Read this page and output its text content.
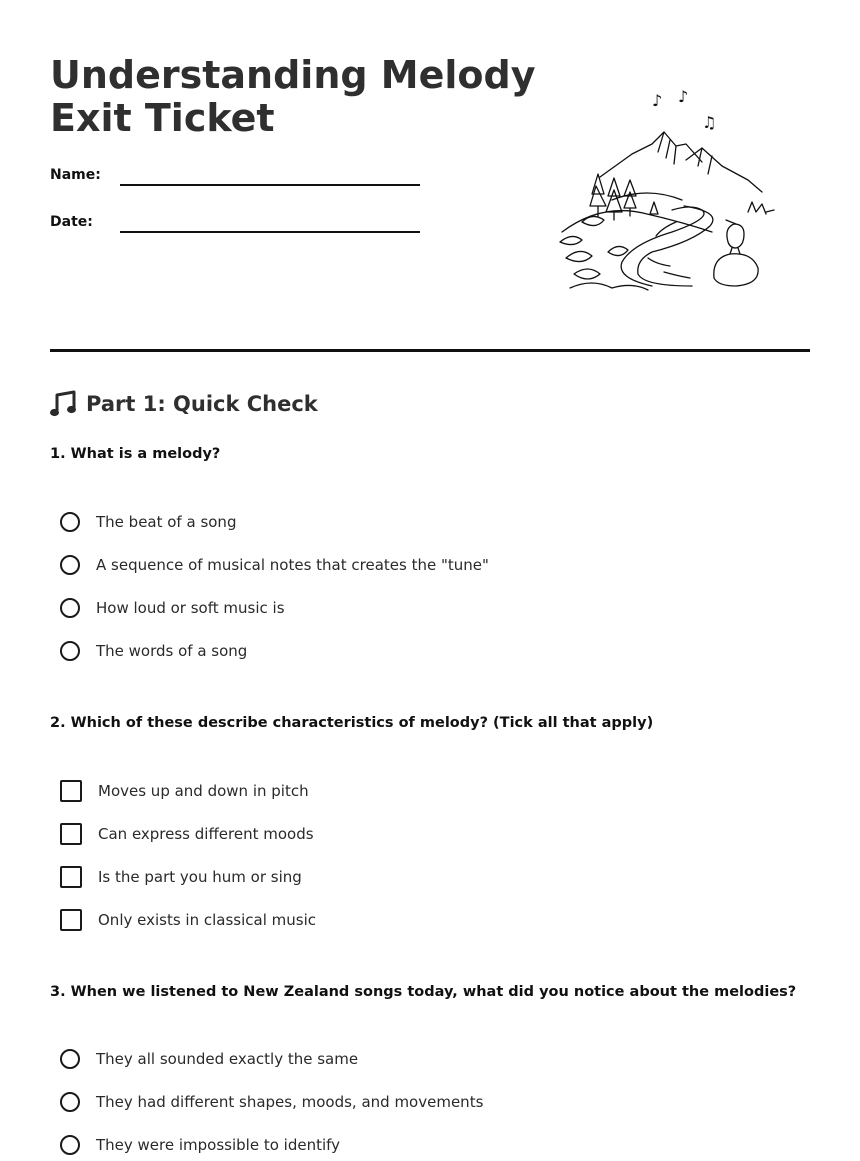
Understanding Melody
Exit Ticket
Name:
Date:
♪ ♪
♫
Part 1: Quick Check
1. What is a melody?
The beat of a song
A sequence of musical notes that creates the "tune"
How loud or soft music is
The words of a song
2. Which of these describe characteristics of melody? (Tick all that apply)
Moves up and down in pitch
Can express different moods
Is the part you hum or sing
Only exists in classical music
3. When we listened to New Zealand songs today, what did you notice about the melodies?
They all sounded exactly the same
They had different shapes, moods, and movements
They were impossible to identify
